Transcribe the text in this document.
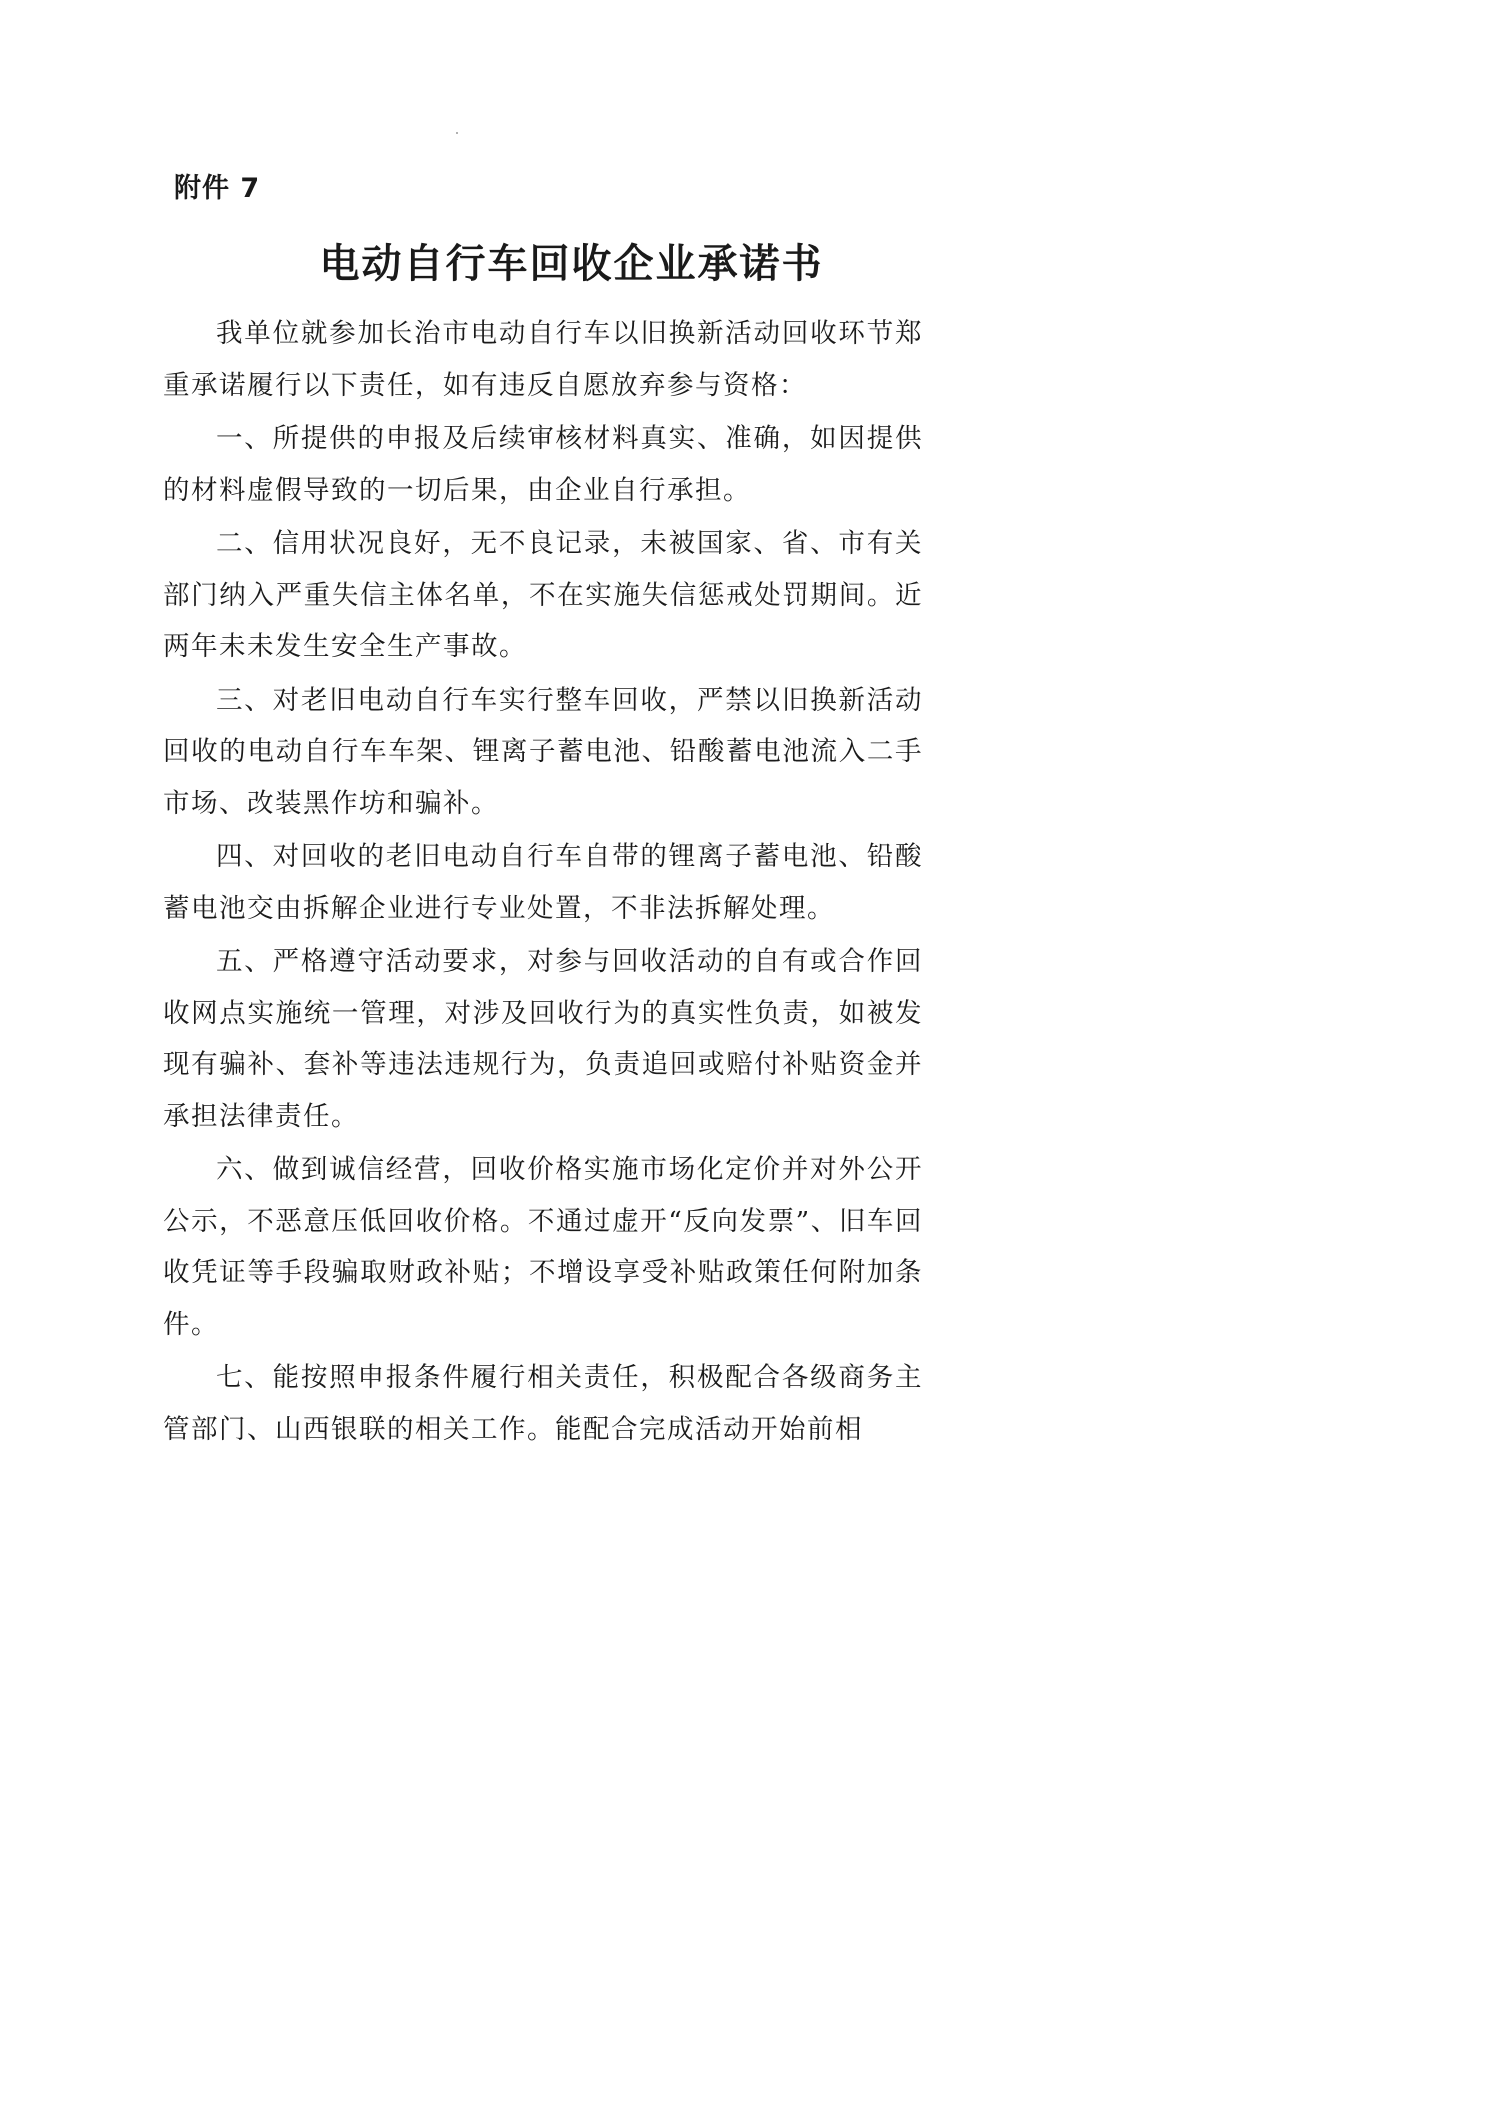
附件 7
电动自行车回收企业承诺书

我单位就参加长治市电动自行车以旧换新活动回收环节郑重承诺履行以下责任，如有违反自愿放弃参与资格：

一、所提供的申报及后续审核材料真实、准确，如因提供的材料虚假导致的一切后果，由企业自行承担。

二、信用状况良好，无不良记录，未被国家、省、市有关部门纳入严重失信主体名单，不在实施失信惩戒处罚期间。近两年未未发生安全生产事故。

三、对老旧电动自行车实行整车回收，严禁以旧换新活动回收的电动自行车车架、锂离子蓄电池、铅酸蓄电池流入二手市场、改装黑作坊和骗补。

四、对回收的老旧电动自行车自带的锂离子蓄电池、铅酸蓄电池交由拆解企业进行专业处置，不非法拆解处理。

五、严格遵守活动要求，对参与回收活动的自有或合作回收网点实施统一管理，对涉及回收行为的真实性负责，如被发现有骗补、套补等违法违规行为，负责追回或赔付补贴资金并承担法律责任。

六、做到诚信经营，回收价格实施市场化定价并对外公开公示，不恶意压低回收价格。不通过虚开“反向发票”、旧车回收凭证等手段骗取财政补贴；不增设享受补贴政策任何附加条件。

七、能按照申报条件履行相关责任，积极配合各级商务主管部门、山西银联的相关工作。能配合完成活动开始前相
